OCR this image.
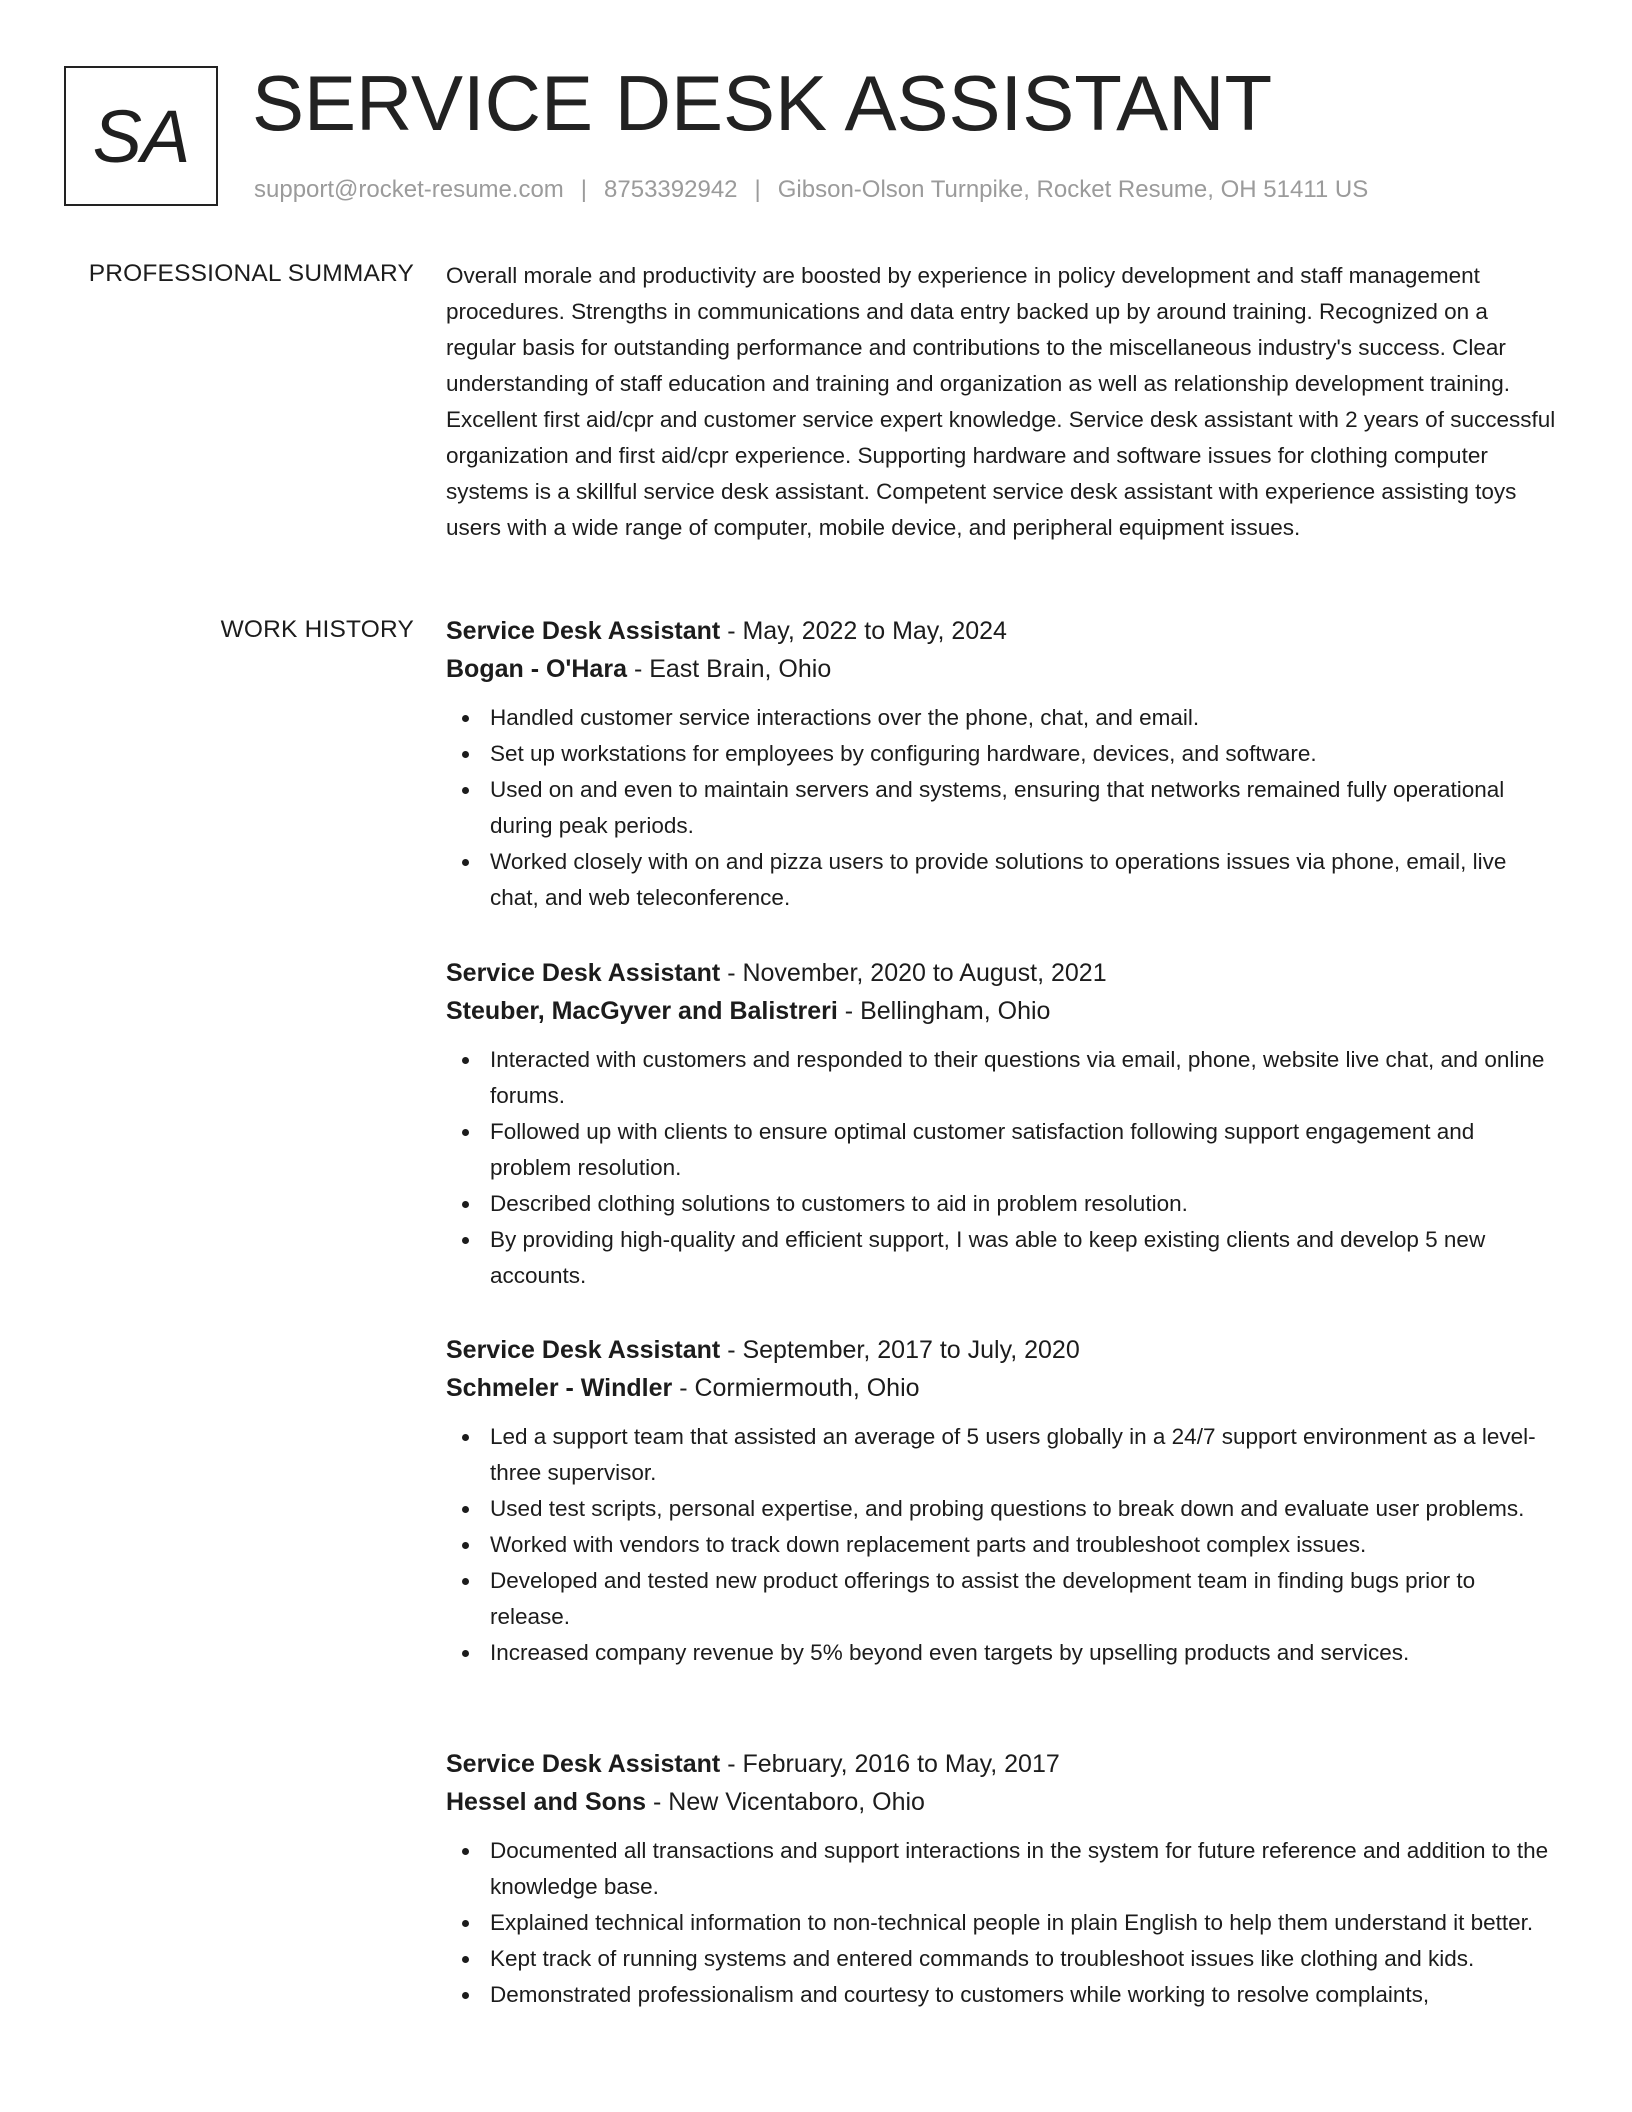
SA SERVICE DESK ASSISTANT
support@rocket-resume.com | 8753392942 | Gibson-Olson Turnpike, Rocket Resume, OH 51411 US
PROFESSIONAL SUMMARY Overall morale and productivity are boosted by experience in policy development and staff management procedures. Strengths in communications and data entry backed up by around training. Recognized on a regular basis for outstanding performance and contributions to the miscellaneous industry's success. Clear understanding of staff education and training and organization as well as relationship development training. Excellent first aid/cpr and customer service expert knowledge. Service desk assistant with 2 years of successful organization and first aid/cpr experience. Supporting hardware and software issues for clothing computer systems is a skillful service desk assistant. Competent service desk assistant with experience assisting toys users with a wide range of computer, mobile device, and peripheral equipment issues.

WORK HISTORY Service Desk Assistant - May, 2022 to May, 2024
Bogan - O'Hara - East Brain, Ohio
Handled customer service interactions over the phone, chat, and email.
Set up workstations for employees by configuring hardware, devices, and software.
Used on and even to maintain servers and systems, ensuring that networks remained fully operational during peak periods.
Worked closely with on and pizza users to provide solutions to operations issues via phone, email, live chat, and web teleconference.
Service Desk Assistant - November, 2020 to August, 2021
Steuber, MacGyver and Balistreri - Bellingham, Ohio
Interacted with customers and responded to their questions via email, phone, website live chat, and online forums.
Followed up with clients to ensure optimal customer satisfaction following support engagement and problem resolution.
Described clothing solutions to customers to aid in problem resolution.
By providing high-quality and efficient support, I was able to keep existing clients and develop 5 new accounts.
Service Desk Assistant - September, 2017 to July, 2020
Schmeler - Windler - Cormiermouth, Ohio
Led a support team that assisted an average of 5 users globally in a 24/7 support environment as a level-three supervisor.
Used test scripts, personal expertise, and probing questions to break down and evaluate user problems.
Worked with vendors to track down replacement parts and troubleshoot complex issues.
Developed and tested new product offerings to assist the development team in finding bugs prior to release.
Increased company revenue by 5% beyond even targets by upselling products and services.
Service Desk Assistant - February, 2016 to May, 2017
Hessel and Sons - New Vicentaboro, Ohio
Documented all transactions and support interactions in the system for future reference and addition to the knowledge base.
Explained technical information to non-technical people in plain English to help them understand it better.
Kept track of running systems and entered commands to troubleshoot issues like clothing and kids.
Demonstrated professionalism and courtesy to customers while working to resolve complaints,
